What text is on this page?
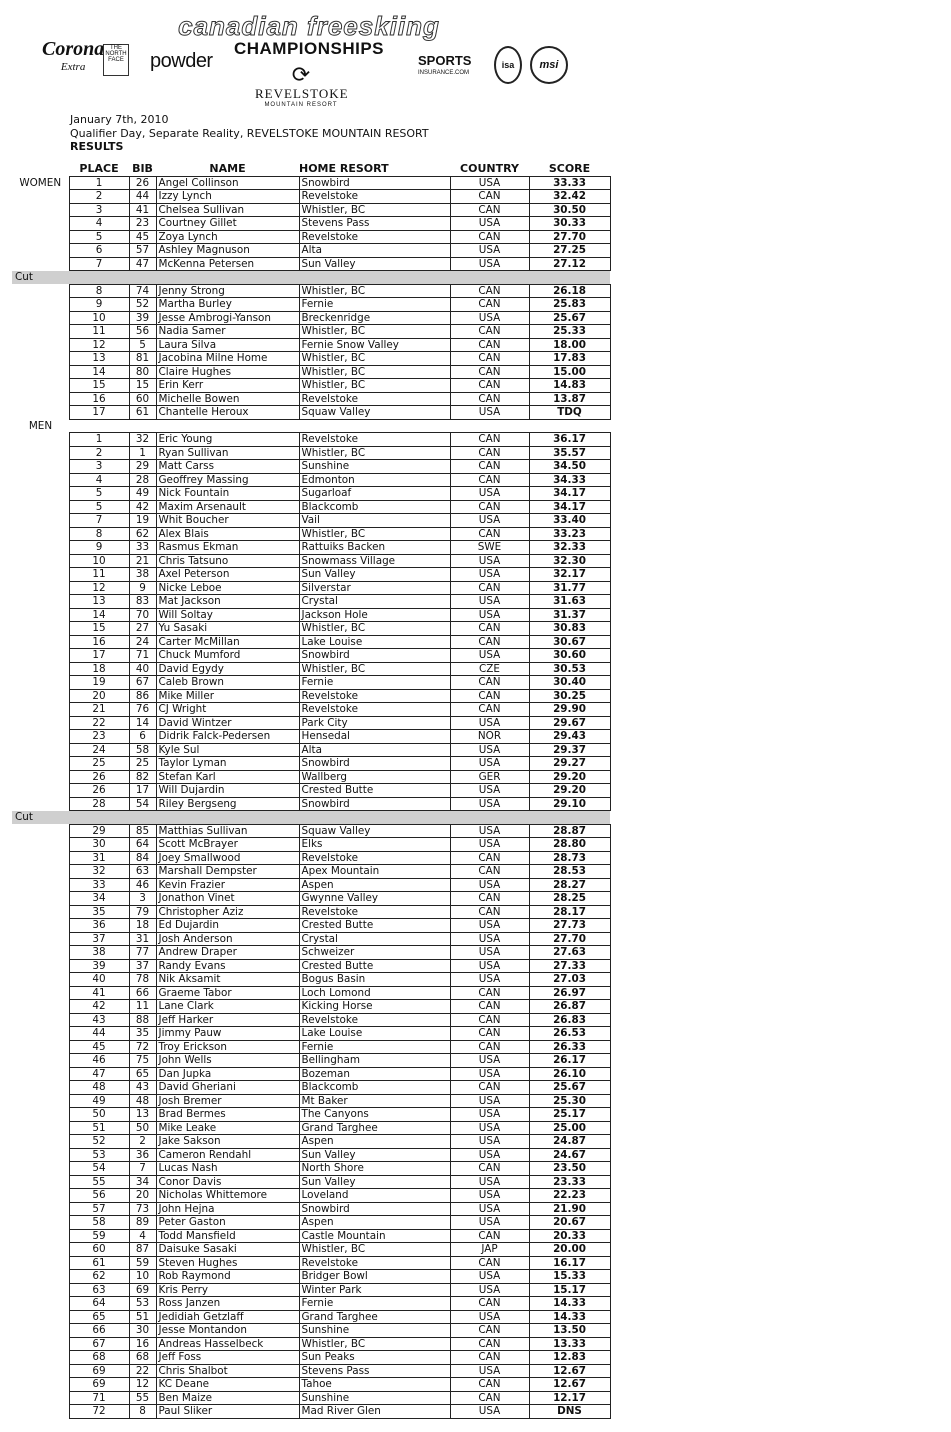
Corona
Extra
THE NORTH FACE powder
canadian freeskiing
CHAMPIONSHIPS
⟳
REVELSTOKE
MOUNTAIN RESORT
SPORTS
INSURANCE.COM
isa	msi
January 7th, 2010
Qualifier Day, Separate Reality, REVELSTOKE MOUNTAIN RESORT
RESULTS
	PLACE	BIB	NAME	HOME RESORT	COUNTRY	SCORE
WOMEN	1	26	Angel Collinson	Snowbird	USA	33.33
	2	44	Izzy Lynch	Revelstoke	CAN	32.42
	3	41	Chelsea Sullivan	Whistler, BC	CAN	30.50
	4	23	Courtney Gillet	Stevens Pass	USA	30.33
	5	45	Zoya Lynch	Revelstoke	CAN	27.70
	6	57	Ashley Magnuson	Alta	USA	27.25
	7	47	McKenna Petersen	Sun Valley	USA	27.12
Cut						
	8	74	Jenny Strong	Whistler, BC	CAN	26.18
	9	52	Martha Burley	Fernie	CAN	25.83
	10	39	Jesse Ambrogi-Yanson	Breckenridge	USA	25.67
	11	56	Nadia Samer	Whistler, BC	CAN	25.33
	12	5	Laura Silva	Fernie Snow Valley	CAN	18.00
	13	81	Jacobina Milne Home	Whistler, BC	CAN	17.83
	14	80	Claire Hughes	Whistler, BC	CAN	15.00
	15	15	Erin Kerr	Whistler, BC	CAN	14.83
	16	60	Michelle Bowen	Revelstoke	CAN	13.87
	17	61	Chantelle Heroux	Squaw Valley	USA	TDQ
MEN						
	1	32	Eric Young	Revelstoke	CAN	36.17
	2	1	Ryan Sullivan	Whistler, BC	CAN	35.57
	3	29	Matt Carss	Sunshine	CAN	34.50
	4	28	Geoffrey Massing	Edmonton	CAN	34.33
	5	49	Nick Fountain	Sugarloaf	USA	34.17
	5	42	Maxim Arsenault	Blackcomb	CAN	34.17
	7	19	Whit Boucher	Vail	USA	33.40
	8	62	Alex Blais	Whistler, BC	CAN	33.23
	9	33	Rasmus Ekman	Rattuiks Backen	SWE	32.33
	10	21	Chris Tatsuno	Snowmass Village	USA	32.30
	11	38	Axel Peterson	Sun Valley	USA	32.17
	12	9	Nicke Leboe	Silverstar	CAN	31.77
	13	83	Mat Jackson	Crystal	USA	31.63
	14	70	Will Soltay	Jackson Hole	USA	31.37
	15	27	Yu Sasaki	Whistler, BC	CAN	30.83
	16	24	Carter McMillan	Lake Louise	CAN	30.67
	17	71	Chuck Mumford	Snowbird	USA	30.60
	18	40	David Egydy	Whistler, BC	CZE	30.53
	19	67	Caleb Brown	Fernie	CAN	30.40
	20	86	Mike Miller	Revelstoke	CAN	30.25
	21	76	CJ Wright	Revelstoke	CAN	29.90
	22	14	David Wintzer	Park City	USA	29.67
	23	6	Didrik Falck-Pedersen	Hensedal	NOR	29.43
	24	58	Kyle Sul	Alta	USA	29.37
	25	25	Taylor Lyman	Snowbird	USA	29.27
	26	82	Stefan Karl	Wallberg	GER	29.20
	26	17	Will Dujardin	Crested Butte	USA	29.20
	28	54	Riley Bergseng	Snowbird	USA	29.10
Cut						
	29	85	Matthias Sullivan	Squaw Valley	USA	28.87
	30	64	Scott McBrayer	Elks	USA	28.80
	31	84	Joey Smallwood	Revelstoke	CAN	28.73
	32	63	Marshall Dempster	Apex Mountain	CAN	28.53
	33	46	Kevin Frazier	Aspen	USA	28.27
	34	3	Jonathon Vinet	Gwynne Valley	CAN	28.25
	35	79	Christopher Aziz	Revelstoke	CAN	28.17
	36	18	Ed Dujardin	Crested Butte	USA	27.73
	37	31	Josh Anderson	Crystal	USA	27.70
	38	77	Andrew Draper	Schweizer	USA	27.63
	39	37	Randy Evans	Crested Butte	USA	27.33
	40	78	Nik Aksamit	Bogus Basin	USA	27.03
	41	66	Graeme Tabor	Loch Lomond	CAN	26.97
	42	11	Lane Clark	Kicking Horse	CAN	26.87
	43	88	Jeff Harker	Revelstoke	CAN	26.83
	44	35	Jimmy Pauw	Lake Louise	CAN	26.53
	45	72	Troy Erickson	Fernie	CAN	26.33
	46	75	John Wells	Bellingham	USA	26.17
	47	65	Dan Jupka	Bozeman	USA	26.10
	48	43	David Gheriani	Blackcomb	CAN	25.67
	49	48	Josh Bremer	Mt Baker	USA	25.30
	50	13	Brad Bermes	The Canyons	USA	25.17
	51	50	Mike Leake	Grand Targhee	USA	25.00
	52	2	Jake Sakson	Aspen	USA	24.87
	53	36	Cameron Rendahl	Sun Valley	USA	24.67
	54	7	Lucas Nash	North Shore	CAN	23.50
	55	34	Conor Davis	Sun Valley	USA	23.33
	56	20	Nicholas Whittemore	Loveland	USA	22.23
	57	73	John Hejna	Snowbird	USA	21.90
	58	89	Peter Gaston	Aspen	USA	20.67
	59	4	Todd Mansfield	Castle Mountain	CAN	20.33
	60	87	Daisuke Sasaki	Whistler, BC	JAP	20.00
	61	59	Steven Hughes	Revelstoke	CAN	16.17
	62	10	Rob Raymond	Bridger Bowl	USA	15.33
	63	69	Kris Perry	Winter Park	USA	15.17
	64	53	Ross Janzen	Fernie	CAN	14.33
	65	51	Jedidiah Getzlaff	Grand Targhee	USA	14.33
	66	30	Jesse Montandon	Sunshine	CAN	13.50
	67	16	Andreas Hasselbeck	Whistler, BC	CAN	13.33
	68	68	Jeff Foss	Sun Peaks	CAN	12.83
	69	22	Chris Shalbot	Stevens Pass	USA	12.67
	69	12	KC Deane	Tahoe	CAN	12.67
	71	55	Ben Maize	Sunshine	CAN	12.17
	72	8	Paul Sliker	Mad River Glen	USA	DNS
